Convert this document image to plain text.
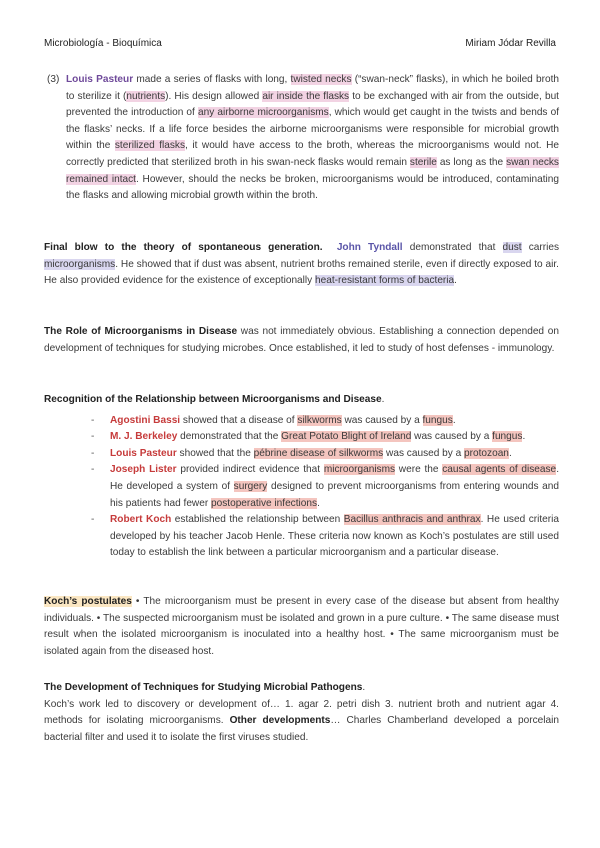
Microbiología - Bioquímica	Miriam Jódar Revilla
(3) Louis Pasteur made a series of flasks with long, twisted necks (“swan-neck” flasks), in which he boiled broth to sterilize it (nutrients). His design allowed air inside the flasks to be exchanged with air from the outside, but prevented the introduction of any airborne microorganisms, which would get caught in the twists and bends of the flasks’ necks. If a life force besides the airborne microorganisms were responsible for microbial growth within the sterilized flasks, it would have access to the broth, whereas the microorganisms would not. He correctly predicted that sterilized broth in his swan-neck flasks would remain sterile as long as the swan necks remained intact. However, should the necks be broken, microorganisms would be introduced, contaminating the flasks and allowing microbial growth within the broth.
Final blow to the theory of spontaneous generation. John Tyndall demonstrated that dust carries microorganisms. He showed that if dust was absent, nutrient broths remained sterile, even if directly exposed to air. He also provided evidence for the existence of exceptionally heat-resistant forms of bacteria.
The Role of Microorganisms in Disease was not immediately obvious. Establishing a connection depended on development of techniques for studying microbes. Once established, it led to study of host defenses - immunology.
Recognition of the Relationship between Microorganisms and Disease.
- Agostini Bassi showed that a disease of silkworms was caused by a fungus.
- M. J. Berkeley demonstrated that the Great Potato Blight of Ireland was caused by a fungus.
- Louis Pasteur showed that the pébrine disease of silkworms was caused by a protozoan.
- Joseph Lister provided indirect evidence that microorganisms were the causal agents of disease. He developed a system of surgery designed to prevent microorganisms from entering wounds and his patients had fewer postoperative infections.
- Robert Koch established the relationship between Bacillus anthracis and anthrax. He used criteria developed by his teacher Jacob Henle. These criteria now known as Koch’s postulates are still used today to establish the link between a particular microorganism and a particular disease.
Koch’s postulates • The microorganism must be present in every case of the disease but absent from healthy individuals. • The suspected microorganism must be isolated and grown in a pure culture. • The same disease must result when the isolated microorganism is inoculated into a healthy host. • The same microorganism must be isolated again from the diseased host.
The Development of Techniques for Studying Microbial Pathogens.
Koch’s work led to discovery or development of… 1. agar 2. petri dish 3. nutrient broth and nutrient agar 4. methods for isolating microorganisms. Other developments… Charles Chamberland developed a porcelain bacterial filter and used it to isolate the first viruses studied.
